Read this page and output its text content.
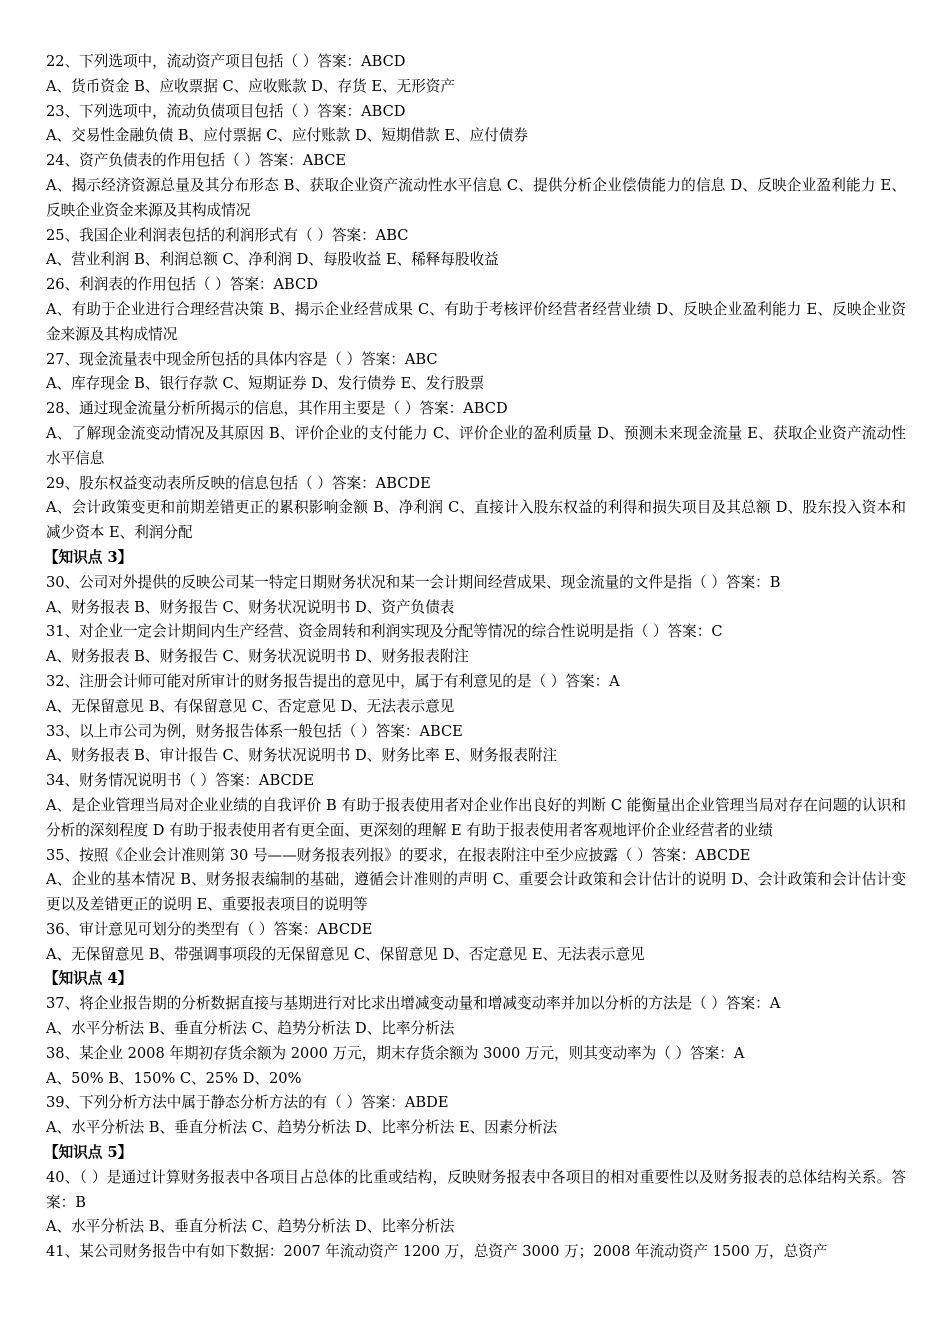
22、下列选项中，流动资产项目包括（ ）答案：ABCD

A、货币资金 B、应收票据 C、应收账款 D、存货 E、无形资产

23、下列选项中，流动负债项目包括（ ）答案：ABCD

A、交易性金融负债 B、应付票据 C、应付账款 D、短期借款 E、应付债券

24、资产负债表的作用包括（ ）答案：ABCE

A、揭示经济资源总量及其分布形态 B、获取企业资产流动性水平信息 C、提供分析企业偿债能力的信息 D、反映企业盈利能力 E、反映企业资金来源及其构成情况

25、我国企业利润表包括的利润形式有（ ）答案：ABC

A、营业利润 B、利润总额 C、净利润 D、每股收益 E、稀释每股收益

26、利润表的作用包括（ ）答案：ABCD

A、有助于企业进行合理经营决策 B、揭示企业经营成果 C、有助于考核评价经营者经营业绩 D、反映企业盈利能力 E、反映企业资金来源及其构成情况

27、现金流量表中现金所包括的具体内容是（ ）答案：ABC

A、库存现金 B、银行存款 C、短期证券 D、发行债券 E、发行股票

28、通过现金流量分析所揭示的信息，其作用主要是（ ）答案：ABCD

A、了解现金流变动情况及其原因 B、评价企业的支付能力 C、评价企业的盈利质量 D、预测未来现金流量 E、获取企业资产流动性水平信息

29、股东权益变动表所反映的信息包括（ ）答案：ABCDE

A、会计政策变更和前期差错更正的累积影响金额 B、净利润 C、直接计入股东权益的利得和损失项目及其总额 D、股东投入资本和减少资本 E、利润分配

【知识点 3】

30、公司对外提供的反映公司某一特定日期财务状况和某一会计期间经营成果、现金流量的文件是指（ ）答案：B

A、财务报表 B、财务报告 C、财务状况说明书 D、资产负债表

31、对企业一定会计期间内生产经营、资金周转和利润实现及分配等情况的综合性说明是指（ ）答案：C

A、财务报表 B、财务报告 C、财务状况说明书 D、财务报表附注

32、注册会计师可能对所审计的财务报告提出的意见中，属于有利意见的是（ ）答案：A

A、无保留意见 B、有保留意见 C、否定意见 D、无法表示意见

33、以上市公司为例，财务报告体系一般包括（ ）答案：ABCE

A、财务报表 B、审计报告 C、财务状况说明书 D、财务比率 E、财务报表附注

34、财务情况说明书（ ）答案：ABCDE

A、是企业管理当局对企业业绩的自我评价 B 有助于报表使用者对企业作出良好的判断 C 能衡量出企业管理当局对存在问题的认识和分析的深刻程度 D 有助于报表使用者有更全面、更深刻的理解 E 有助于报表使用者客观地评价企业经营者的业绩

35、按照《企业会计准则第 30 号——财务报表列报》的要求，在报表附注中至少应披露（ ）答案：ABCDE

A、企业的基本情况 B、财务报表编制的基础，遵循会计准则的声明 C、重要会计政策和会计估计的说明 D、会计政策和会计估计变更以及差错更正的说明 E、重要报表项目的说明等

36、审计意见可划分的类型有（ ）答案：ABCDE

A、无保留意见 B、带强调事项段的无保留意见 C、保留意见 D、否定意见 E、无法表示意见

【知识点 4】

37、将企业报告期的分析数据直接与基期进行对比求出增减变动量和增减变动率并加以分析的方法是（ ）答案：A

A、水平分析法 B、垂直分析法 C、趋势分析法 D、比率分析法

38、某企业 2008 年期初存货余额为 2000 万元，期末存货余额为 3000 万元，则其变动率为（ ）答案：A

A、50% B、150% C、25% D、20%

39、下列分析方法中属于静态分析方法的有（ ）答案：ABDE

A、水平分析法 B、垂直分析法 C、趋势分析法 D、比率分析法 E、因素分析法

【知识点 5】

40、（ ）是通过计算财务报表中各项目占总体的比重或结构，反映财务报表中各项目的相对重要性以及财务报表的总体结构关系。答案：B

A、水平分析法 B、垂直分析法 C、趋势分析法 D、比率分析法

41、某公司财务报告中有如下数据：2007 年流动资产 1200 万，总资产 3000 万；2008 年流动资产 1500 万，总资产
